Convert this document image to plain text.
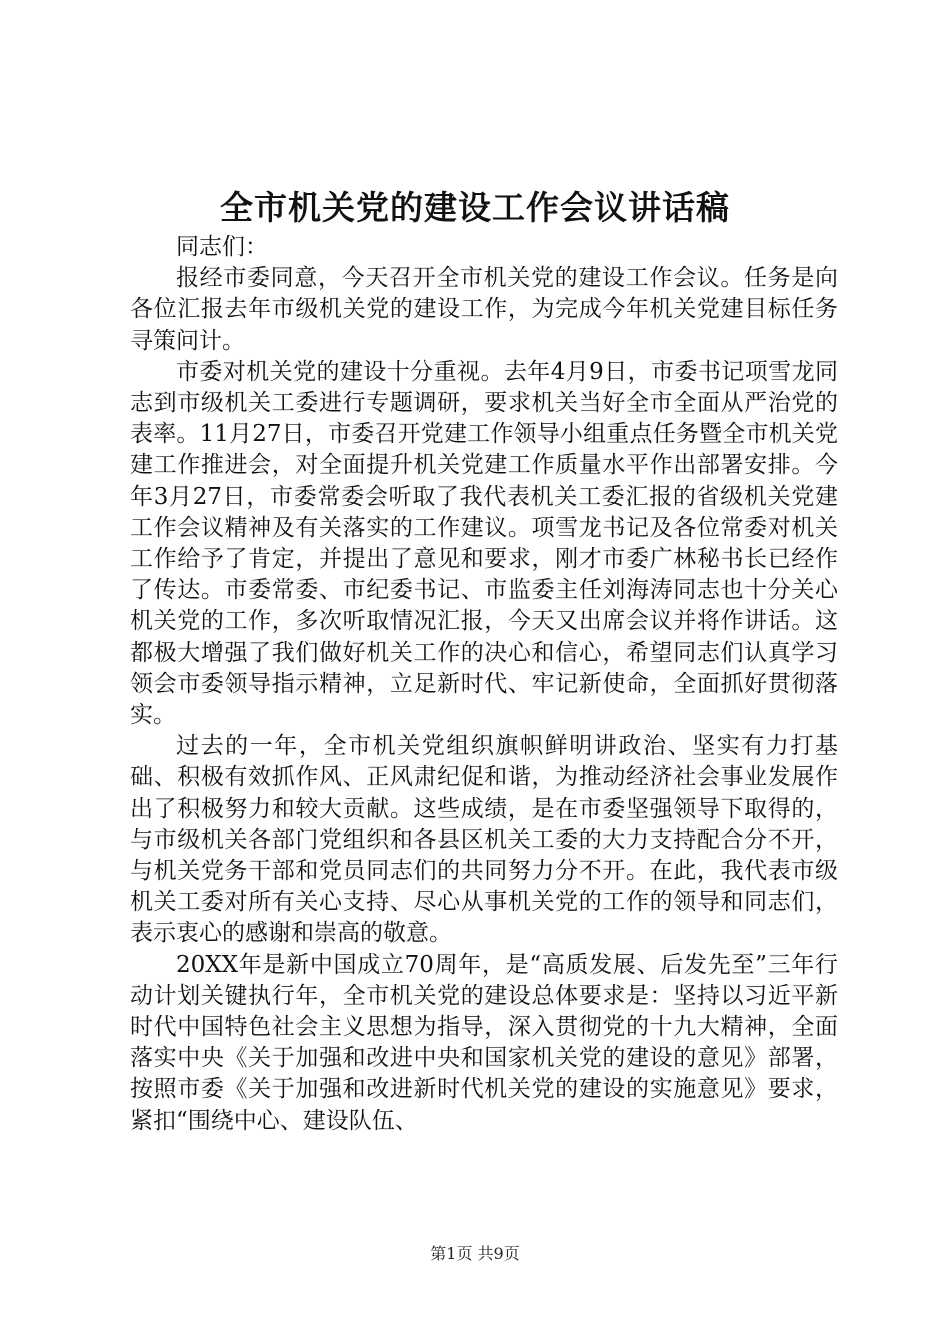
全市机关党的建设工作会议讲话稿

同志们：

报经市委同意，今天召开全市机关党的建设工作会议。任务是向各位汇报去年市级机关党的建设工作，为完成今年机关党建目标任务寻策问计。

市委对机关党的建设十分重视。去年4月9日，市委书记项雪龙同志到市级机关工委进行专题调研，要求机关当好全市全面从严治党的表率。11月27日，市委召开党建工作领导小组重点任务暨全市机关党建工作推进会，对全面提升机关党建工作质量水平作出部署安排。今年3月27日，市委常委会听取了我代表机关工委汇报的省级机关党建工作会议精神及有关落实的工作建议。项雪龙书记及各位常委对机关工作给予了肯定，并提出了意见和要求，刚才市委广林秘书长已经作了传达。市委常委、市纪委书记、市监委主任刘海涛同志也十分关心机关党的工作，多次听取情况汇报，今天又出席会议并将作讲话。这都极大增强了我们做好机关工作的决心和信心，希望同志们认真学习领会市委领导指示精神，立足新时代、牢记新使命，全面抓好贯彻落实。

过去的一年，全市机关党组织旗帜鲜明讲政治、坚实有力打基础、积极有效抓作风、正风肃纪促和谐，为推动经济社会事业发展作出了积极努力和较大贡献。这些成绩，是在市委坚强领导下取得的，与市级机关各部门党组织和各县区机关工委的大力支持配合分不开，与机关党务干部和党员同志们的共同努力分不开。在此，我代表市级机关工委对所有关心支持、尽心从事机关党的工作的领导和同志们，表示衷心的感谢和崇高的敬意。

20XX年是新中国成立70周年，是“高质发展、后发先至”三年行动计划关键执行年，全市机关党的建设总体要求是：坚持以习近平新时代中国特色社会主义思想为指导，深入贯彻党的十九大精神，全面落实中央《关于加强和改进中央和国家机关党的建设的意见》部署，按照市委《关于加强和改进新时代机关党的建设的实施意见》要求，紧扣“围绕中心、建设队伍、

第1页 共9页
